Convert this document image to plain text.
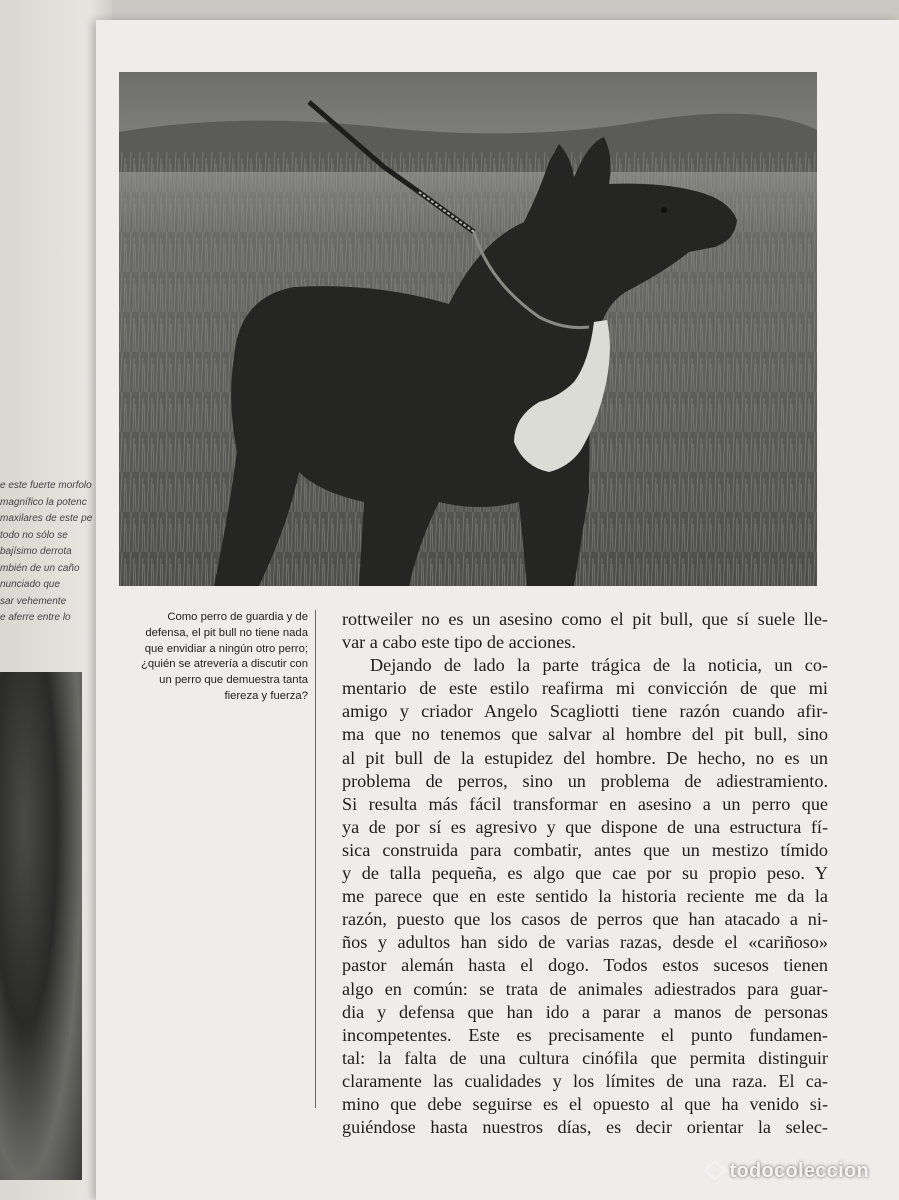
e este fuerte morfolo
magnífico la potenc
maxilares de este pe
todo no sólo se
bajísimo derrota
mbién de un caño
nunciado que
sar vehemente
e aferre entre lo	Como perro de guardia y de
defensa, el pit bull no tiene nada
que envidiar a ningún otro perro;
¿quién se atrevería a discutir con
un perro que demuestra tanta
fiereza y fuerza?
rottweiler no es un asesino como el pit bull, que sí suele lle-
var a cabo este tipo de acciones.
Dejando de lado la parte trágica de la noticia, un co-
mentario de este estilo reafirma mi convicción de que mi
amigo y criador Angelo Scagliotti tiene razón cuando afir-
ma que no tenemos que salvar al hombre del pit bull, sino
al pit bull de la estupidez del hombre. De hecho, no es un
problema de perros, sino un problema de adiestramiento.
Si resulta más fácil transformar en asesino a un perro que
ya de por sí es agresivo y que dispone de una estructura fí-
sica construida para combatir, antes que un mestizo tímido
y de talla pequeña, es algo que cae por su propio peso. Y
me parece que en este sentido la historia reciente me da la
razón, puesto que los casos de perros que han atacado a ni-
ños y adultos han sido de varias razas, desde el «cariñoso»
pastor alemán hasta el dogo. Todos estos sucesos tienen
algo en común: se trata de animales adiestrados para guar-
dia y defensa que han ido a parar a manos de personas
incompetentes. Este es precisamente el punto fundamen-
tal: la falta de una cultura cinófila que permita distinguir
claramente las cualidades y los límites de una raza. El ca-
mino que debe seguirse es el opuesto al que ha venido si-
guiéndose hasta nuestros días, es decir orientar la selec-
todocoleccion
